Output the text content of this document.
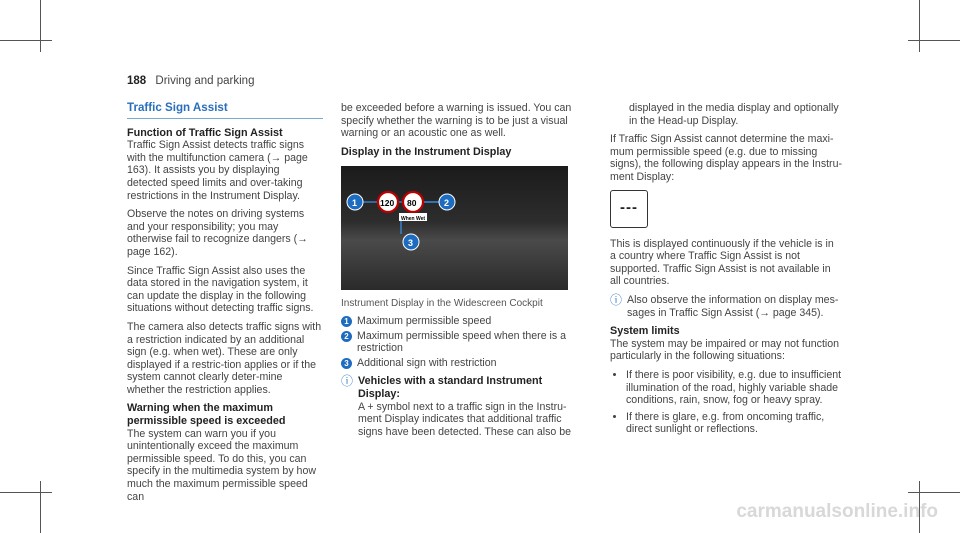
188 Driving and parking
Traffic Sign Assist
Function of Traffic Sign Assist

Traffic Sign Assist detects traffic signs with the multifunction camera (→ page 163). It assists you by displaying detected speed limits and over-taking restrictions in the Instrument Display.

Observe the notes on driving systems and your responsibility; you may otherwise fail to recognize dangers (→ page 162).

Since Traffic Sign Assist also uses the data stored in the navigation system, it can update the display in the following situations without detecting traffic signs.

The camera also detects traffic signs with a restriction indicated by an additional sign (e.g. when wet). These are only displayed if a restric-tion applies or if the system cannot clearly deter-mine whether the restriction applies.

Warning when the maximum permissible speed is exceeded

The system can warn you if you unintentionally exceed the maximum permissible speed. To do this, you can specify in the multimedia system by how much the maximum permissible speed can

be exceeded before a warning is issued. You can specify whether the warning is to be just a visual warning or an acoustic one as well.

Display in the Instrument Display
120 80
When Wet
1	2
3
Instrument Display in the Widescreen Cockpit
1 Maximum permissible speed
2 Maximum permissible speed when there is a restriction
3 Additional sign with restriction
ⓘ Vehicles with a standard Instrument Display:
A + symbol next to a traffic sign in the Instru-ment Display indicates that additional traffic signs have been detected. These can also be

displayed in the media display and optionally in the Head-up Display.

If Traffic Sign Assist cannot determine the maxi-mum permissible speed (e.g. due to missing signs), the following display appears in the Instru-ment Display:

---

This is displayed continuously if the vehicle is in a country where Traffic Sign Assist is not supported. Traffic Sign Assist is not available in all countries.

ⓘ Also observe the information on display mes-sages in Traffic Sign Assist (→ page 345).
System limits

The system may be impaired or may not function particularly in the following situations:

• If there is poor visibility, e.g. due to insufficient illumination of the road, highly variable shade conditions, rain, snow, fog or heavy spray.
• If there is glare, e.g. from oncoming traffic, direct sunlight or reflections.
carmanualsonline.info
